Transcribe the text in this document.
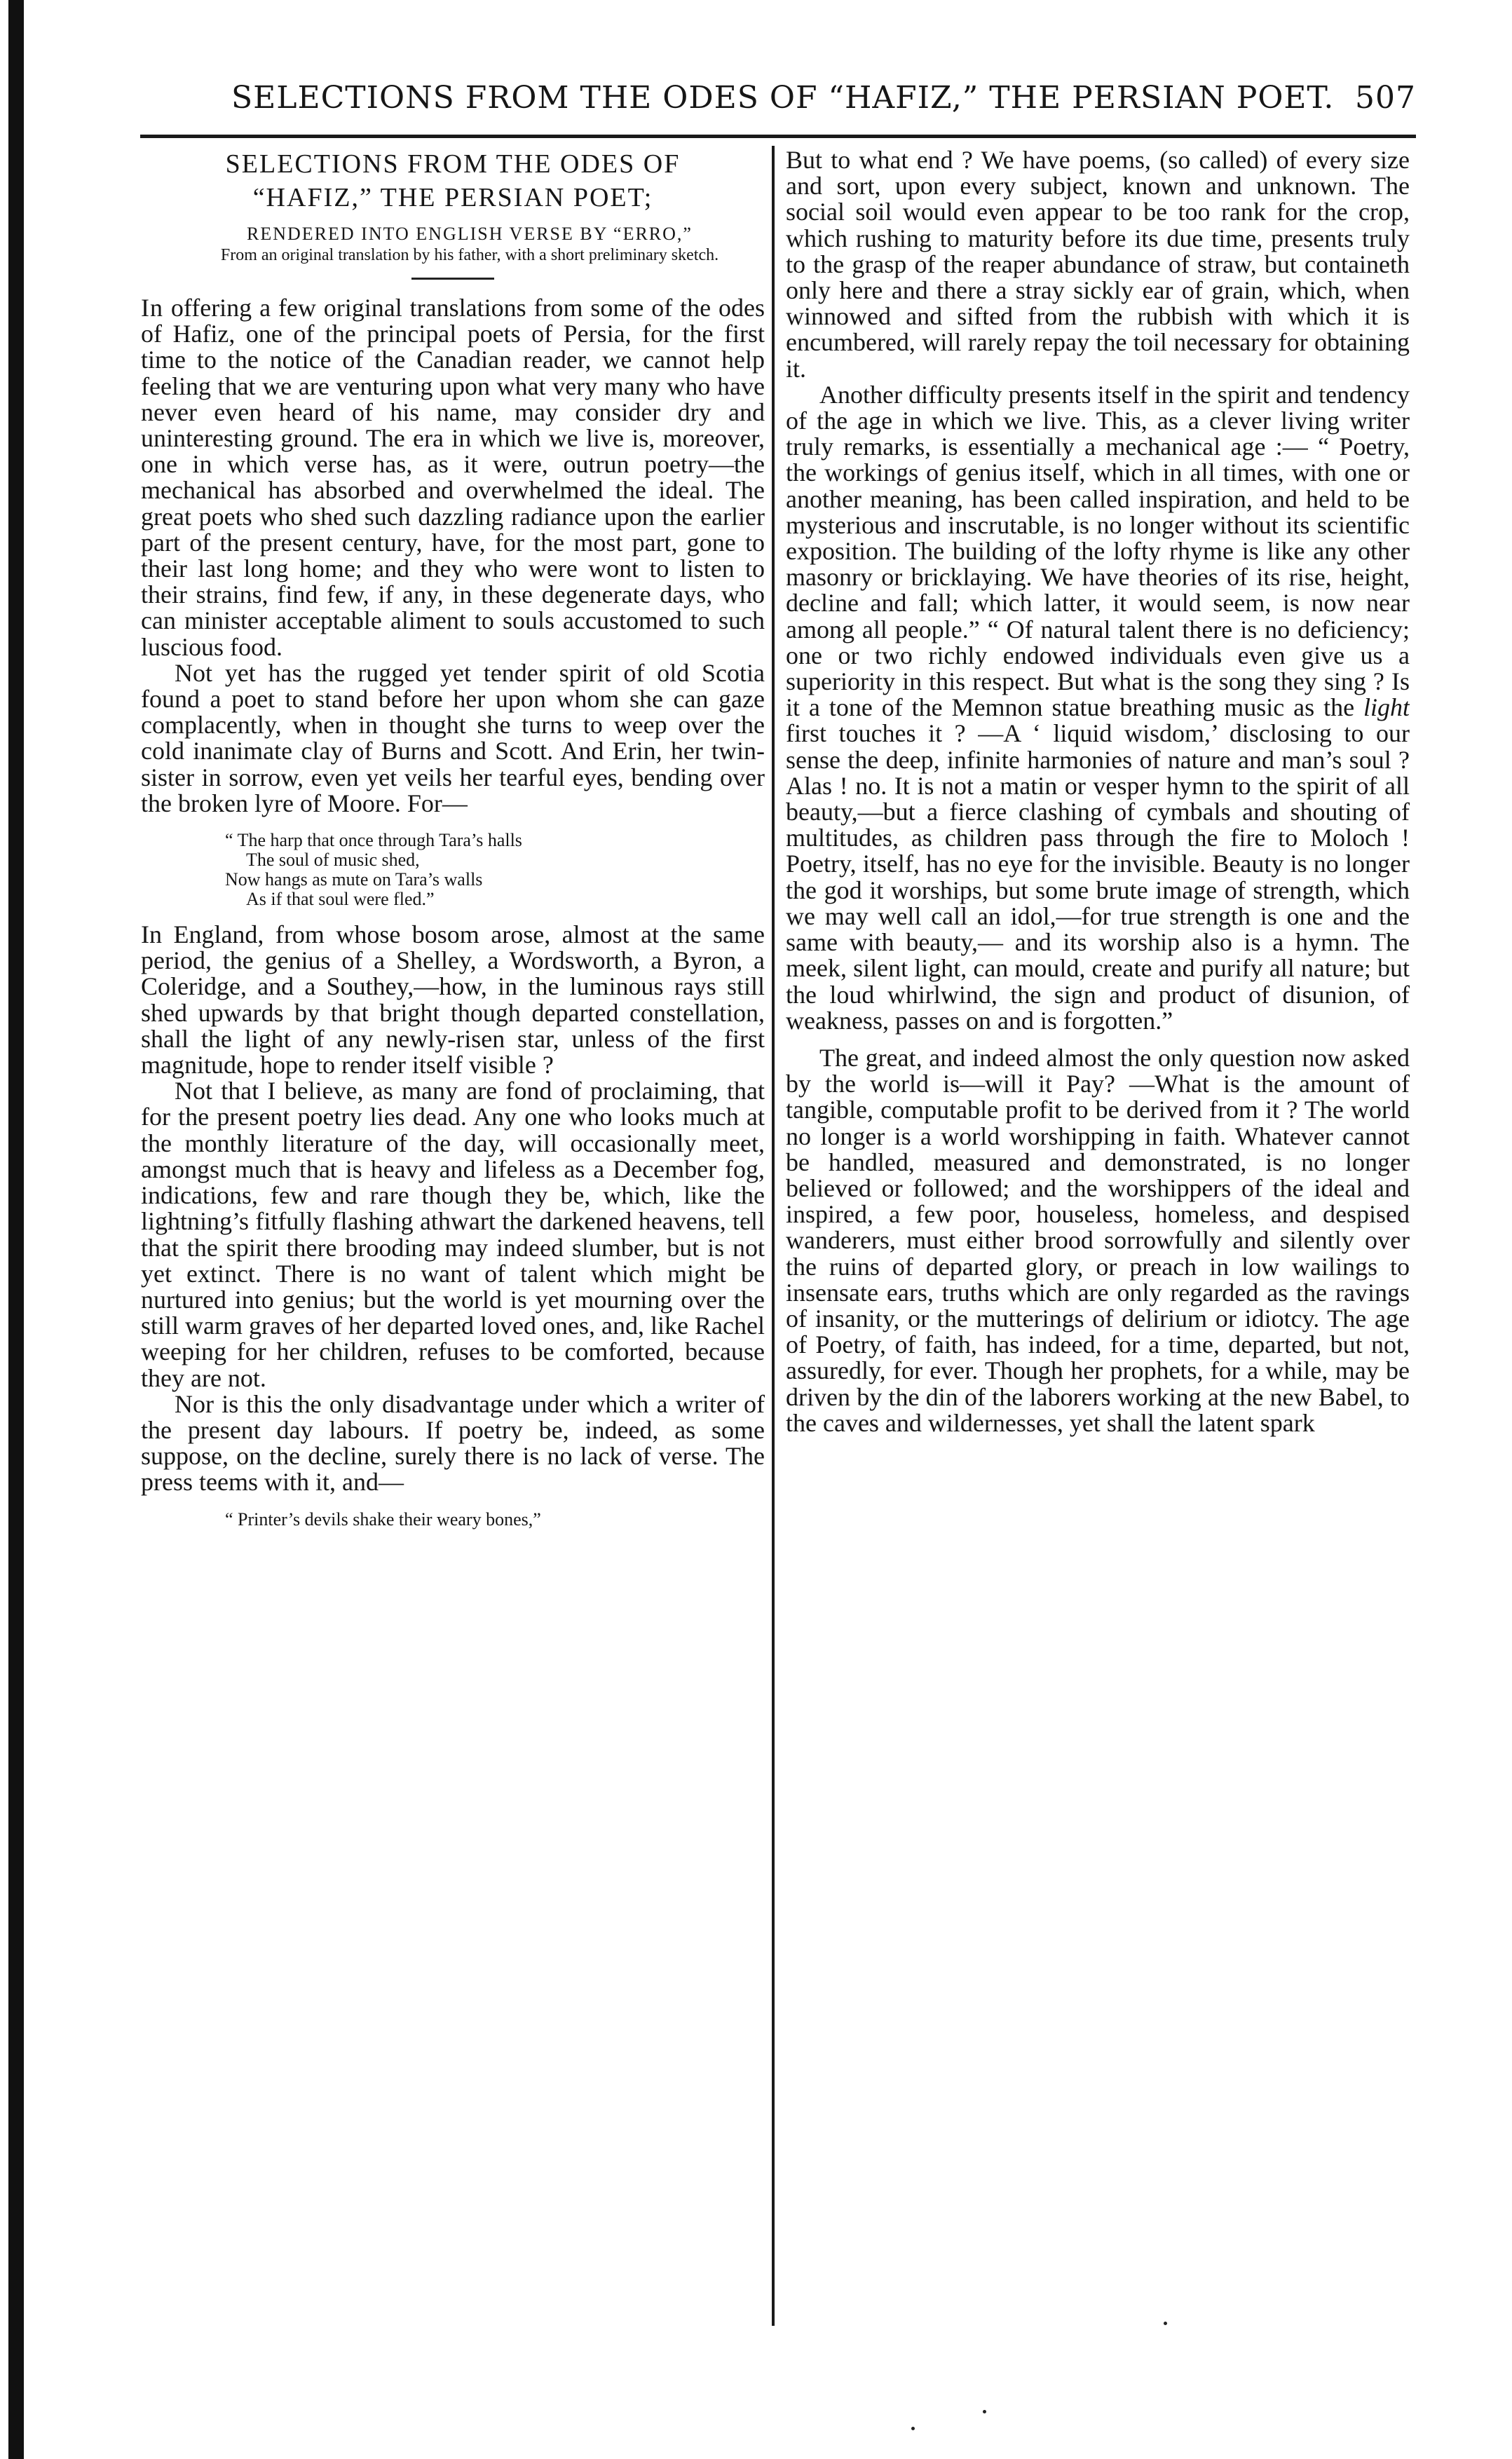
SELECTIONS FROM THE ODES OF “HAFIZ,” THE PERSIAN POET. 507
SELECTIONS FROM THE ODES OF
“HAFIZ,” THE PERSIAN POET;

RENDERED INTO ENGLISH VERSE BY “ERRO,”

From an original translation by his father, with a short preliminary sketch.

In offering a few original translations from some of the odes of Hafiz, one of the principal poets of Persia, for the first time to the notice of the Canadian reader, we cannot help feeling that we are venturing upon what very many who have never even heard of his name, may consider dry and uninteresting ground. The era in which we live is, moreover, one in which verse has, as it were, outrun poetry—the mechanical has absorbed and overwhelmed the ideal. The great poets who shed such dazzling radiance upon the earlier part of the present century, have, for the most part, gone to their last long home; and they who were wont to listen to their strains, find few, if any, in these degenerate days, who can minister acceptable aliment to souls accustomed to such luscious food.

Not yet has the rugged yet tender spirit of old Scotia found a poet to stand before her upon whom she can gaze complacently, when in thought she turns to weep over the cold inanimate clay of Burns and Scott. And Erin, her twin-sister in sorrow, even yet veils her tearful eyes, bending over the broken lyre of Moore. For—

“ The harp that once through Tara’s halls
The soul of music shed,
Now hangs as mute on Tara’s walls
As if that soul were fled.”

In England, from whose bosom arose, almost at the same period, the genius of a Shelley, a Wordsworth, a Byron, a Coleridge, and a Southey,—how, in the luminous rays still shed upwards by that bright though departed constellation, shall the light of any newly-risen star, unless of the first magnitude, hope to render itself visible ?

Not that I believe, as many are fond of proclaiming, that for the present poetry lies dead. Any one who looks much at the monthly literature of the day, will occasionally meet, amongst much that is heavy and lifeless as a December fog, indications, few and rare though they be, which, like the lightning’s fitfully flashing athwart the darkened heavens, tell that the spirit there brooding may indeed slumber, but is not yet extinct. There is no want of talent which might be nurtured into genius; but the world is yet mourning over the still warm graves of her departed loved ones, and, like Rachel weeping for her children, refuses to be comforted, because they are not.

Nor is this the only disadvantage under which a writer of the present day labours. If poetry be, indeed, as some suppose, on the decline, surely there is no lack of verse. The press teems with it, and—

“ Printer’s devils shake their weary bones,”

But to what end ? We have poems, (so called) of every size and sort, upon every subject, known and unknown. The social soil would even appear to be too rank for the crop, which rushing to maturity before its due time, presents truly to the grasp of the reaper abundance of straw, but containeth only here and there a stray sickly ear of grain, which, when winnowed and sifted from the rubbish with which it is encumbered, will rarely repay the toil necessary for obtaining it.

Another difficulty presents itself in the spirit and tendency of the age in which we live. This, as a clever living writer truly remarks, is essentially a mechanical age :— “ Poetry, the workings of genius itself, which in all times, with one or another meaning, has been called inspiration, and held to be mysterious and inscrutable, is no longer without its scientific exposition. The building of the lofty rhyme is like any other masonry or bricklaying. We have theories of its rise, height, decline and fall; which latter, it would seem, is now near among all people.” “ Of natural talent there is no deficiency; one or two richly endowed individuals even give us a superiority in this respect. But what is the song they sing ? Is it a tone of the Memnon statue breathing music as the light first touches it ? —A ‘ liquid wisdom,’ disclosing to our sense the deep, infinite harmonies of nature and man’s soul ? Alas ! no. It is not a matin or vesper hymn to the spirit of all beauty,—but a fierce clashing of cymbals and shouting of multitudes, as children pass through the fire to Moloch ! Poetry, itself, has no eye for the invisible. Beauty is no longer the god it worships, but some brute image of strength, which we may well call an idol,—for true strength is one and the same with beauty,— and its worship also is a hymn. The meek, silent light, can mould, create and purify all nature; but the loud whirlwind, the sign and product of disunion, of weakness, passes on and is forgotten.”

The great, and indeed almost the only question now asked by the world is—will it Pay? —What is the amount of tangible, computable profit to be derived from it ? The world no longer is a world worshipping in faith. Whatever cannot be handled, measured and demonstrated, is no longer believed or followed; and the worshippers of the ideal and inspired, a few poor, houseless, homeless, and despised wanderers, must either brood sorrowfully and silently over the ruins of departed glory, or preach in low wailings to insensate ears, truths which are only regarded as the ravings of insanity, or the mutterings of delirium or idiotcy. The age of Poetry, of faith, has indeed, for a time, departed, but not, assuredly, for ever. Though her prophets, for a while, may be driven by the din of the laborers working at the new Babel, to the caves and wildernesses, yet shall the latent spark
